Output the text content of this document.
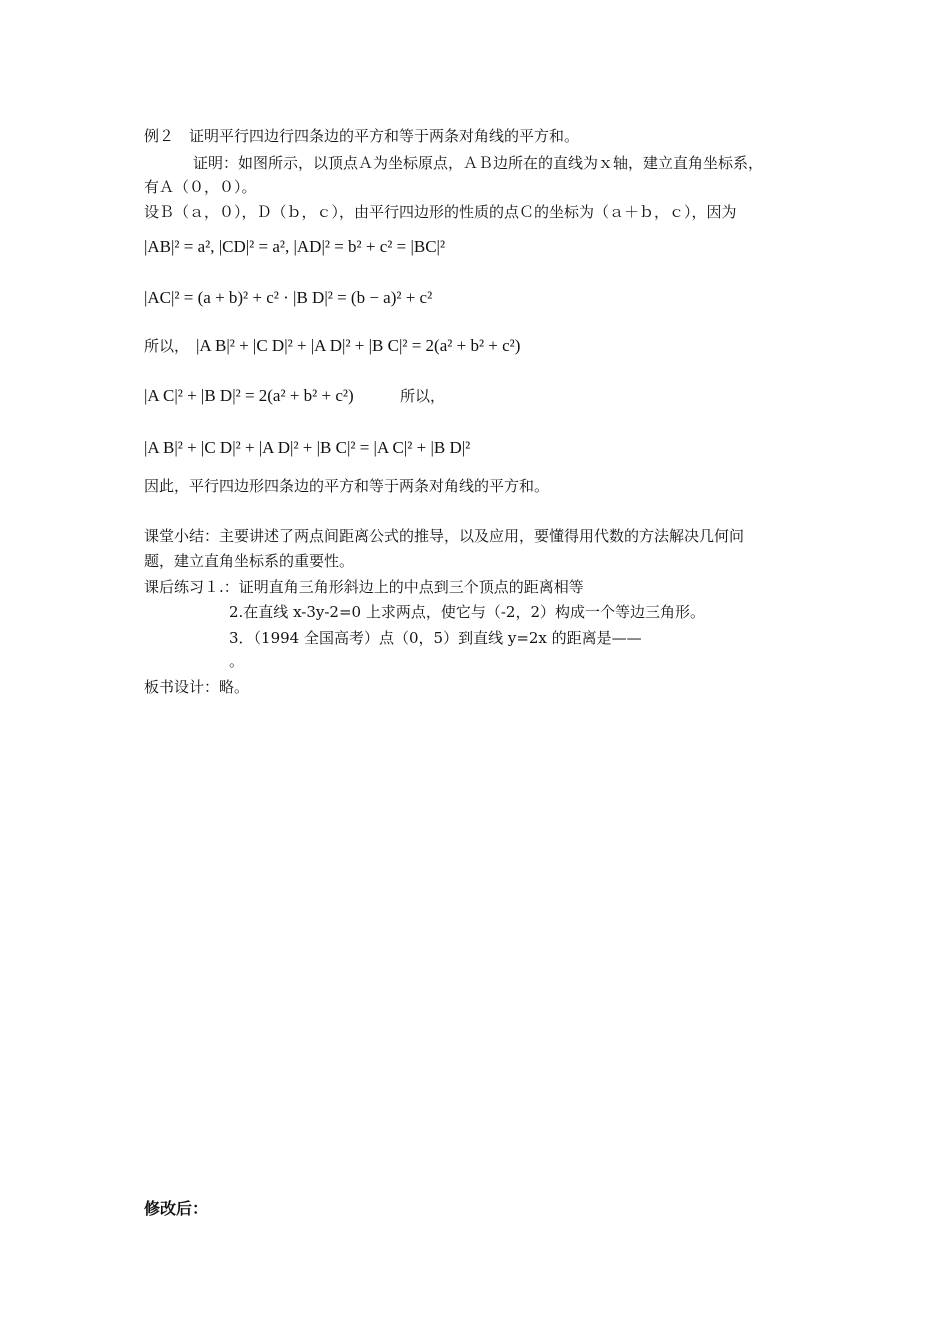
例２　证明平行四边行四条边的平方和等于两条对角线的平方和。
证明：如图所示，以顶点Ａ为坐标原点，ＡＢ边所在的直线为ｘ轴，建立直角坐标系，
有Ａ（０，０）。
设Ｂ（ａ，０），Ｄ（ｂ，ｃ），由平行四边形的性质的点Ｃ的坐标为（ａ＋ｂ，ｃ），因为
|AB|² = a², |CD|² = a², |AD|² = b² + c² = |BC|²
|AC|² = (a + b)² + c² · |B D|² = (b − a)² + c²
所以， |A B|² + |C D|² + |A D|² + |B C|² = 2(a² + b² + c²)
|A C|² + |B D|² = 2(a² + b² + c²)	所以，
|A B|² + |C D|² + |A D|² + |B C|² = |A C|² + |B D|²
因此，平行四边形四条边的平方和等于两条对角线的平方和。
课堂小结：主要讲述了两点间距离公式的推导，以及应用，要懂得用代数的方法解决几何问
题，建立直角坐标系的重要性。
课后练习１.：证明直角三角形斜边上的中点到三个顶点的距离相等
2.在直线 x-3y-2=0 上求两点，使它与（-2，2）构成一个等边三角形。
3．（1994 全国高考）点（0，5）到直线 y=2x 的距离是——
。
板书设计：略。
修改后：
